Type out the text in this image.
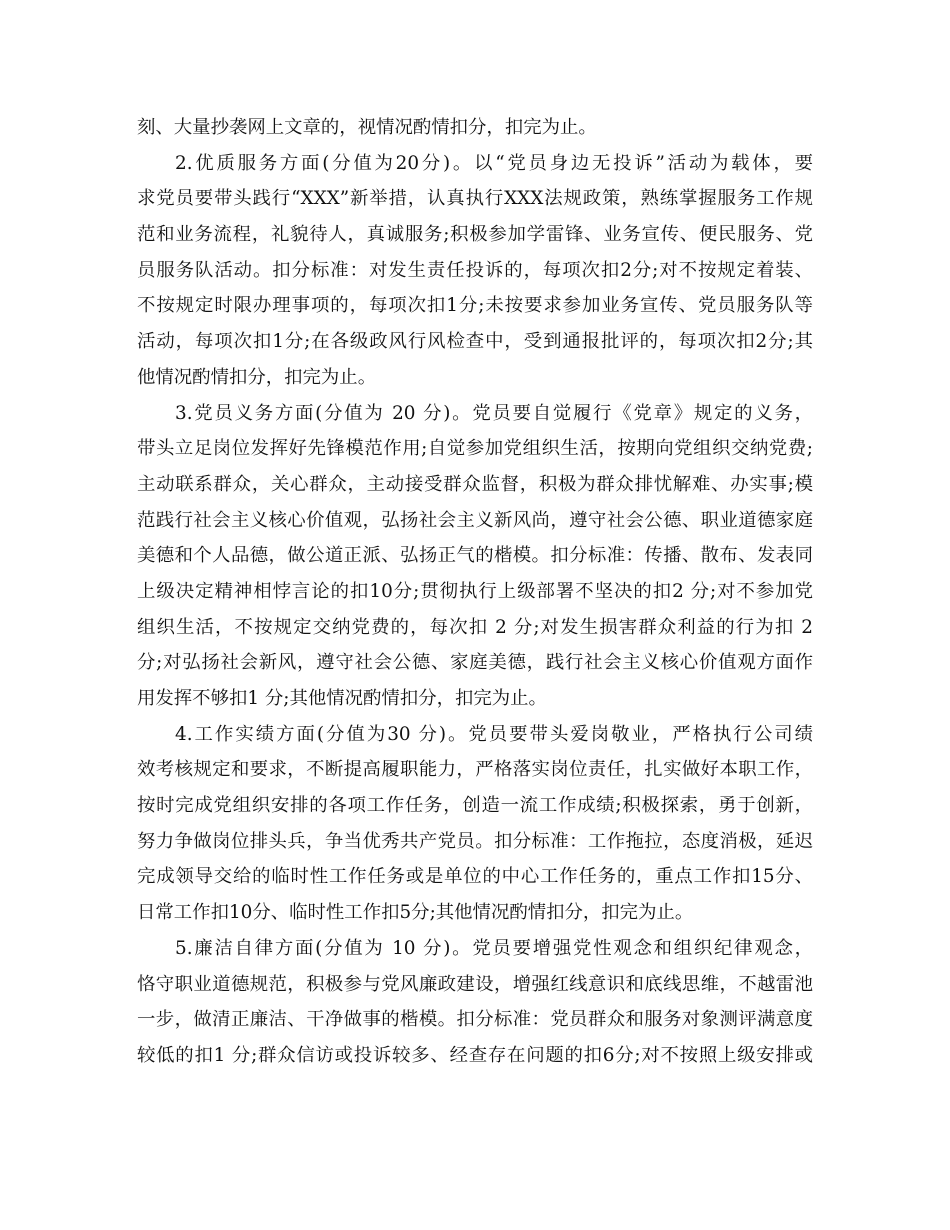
刻、大量抄袭网上文章的，视情况酌情扣分，扣完为止。
2.优质服务方面(分值为20分)。以“党员身边无投诉”活动为载体，要
求党员要带头践行“XXX”新举措，认真执行XXX法规政策，熟练掌握服务工作规
范和业务流程，礼貌待人，真诚服务;积极参加学雷锋、业务宣传、便民服务、党
员服务队活动。扣分标准：对发生责任投诉的，每项次扣2分;对不按规定着装、
不按规定时限办理事项的，每项次扣1分;未按要求参加业务宣传、党员服务队等
活动，每项次扣1分;在各级政风行风检查中，受到通报批评的，每项次扣2分;其
他情况酌情扣分，扣完为止。
3.党员义务方面(分值为 20 分)。党员要自觉履行《党章》规定的义务，
带头立足岗位发挥好先锋模范作用;自觉参加党组织生活，按期向党组织交纳党费;
主动联系群众，关心群众，主动接受群众监督，积极为群众排忧解难、办实事;模
范践行社会主义核心价值观，弘扬社会主义新风尚，遵守社会公德、职业道德家庭
美德和个人品德，做公道正派、弘扬正气的楷模。扣分标准：传播、散布、发表同
上级决定精神相悖言论的扣10分;贯彻执行上级部署不坚决的扣2 分;对不参加党
组织生活，不按规定交纳党费的，每次扣 2 分;对发生损害群众利益的行为扣 2
分;对弘扬社会新风，遵守社会公德、家庭美德，践行社会主义核心价值观方面作
用发挥不够扣1 分;其他情况酌情扣分，扣完为止。
4.工作实绩方面(分值为30 分)。党员要带头爱岗敬业，严格执行公司绩
效考核规定和要求，不断提高履职能力，严格落实岗位责任，扎实做好本职工作，
按时完成党组织安排的各项工作任务，创造一流工作成绩;积极探索，勇于创新，
努力争做岗位排头兵，争当优秀共产党员。扣分标准：工作拖拉，态度消极，延迟
完成领导交给的临时性工作任务或是单位的中心工作任务的，重点工作扣15分、
日常工作扣10分、临时性工作扣5分;其他情况酌情扣分，扣完为止。
5.廉洁自律方面(分值为 10 分)。党员要增强党性观念和组织纪律观念，
恪守职业道德规范，积极参与党风廉政建设，增强红线意识和底线思维，不越雷池
一步，做清正廉洁、干净做事的楷模。扣分标准：党员群众和服务对象测评满意度
较低的扣1 分;群众信访或投诉较多、经查存在问题的扣6分;对不按照上级安排或
